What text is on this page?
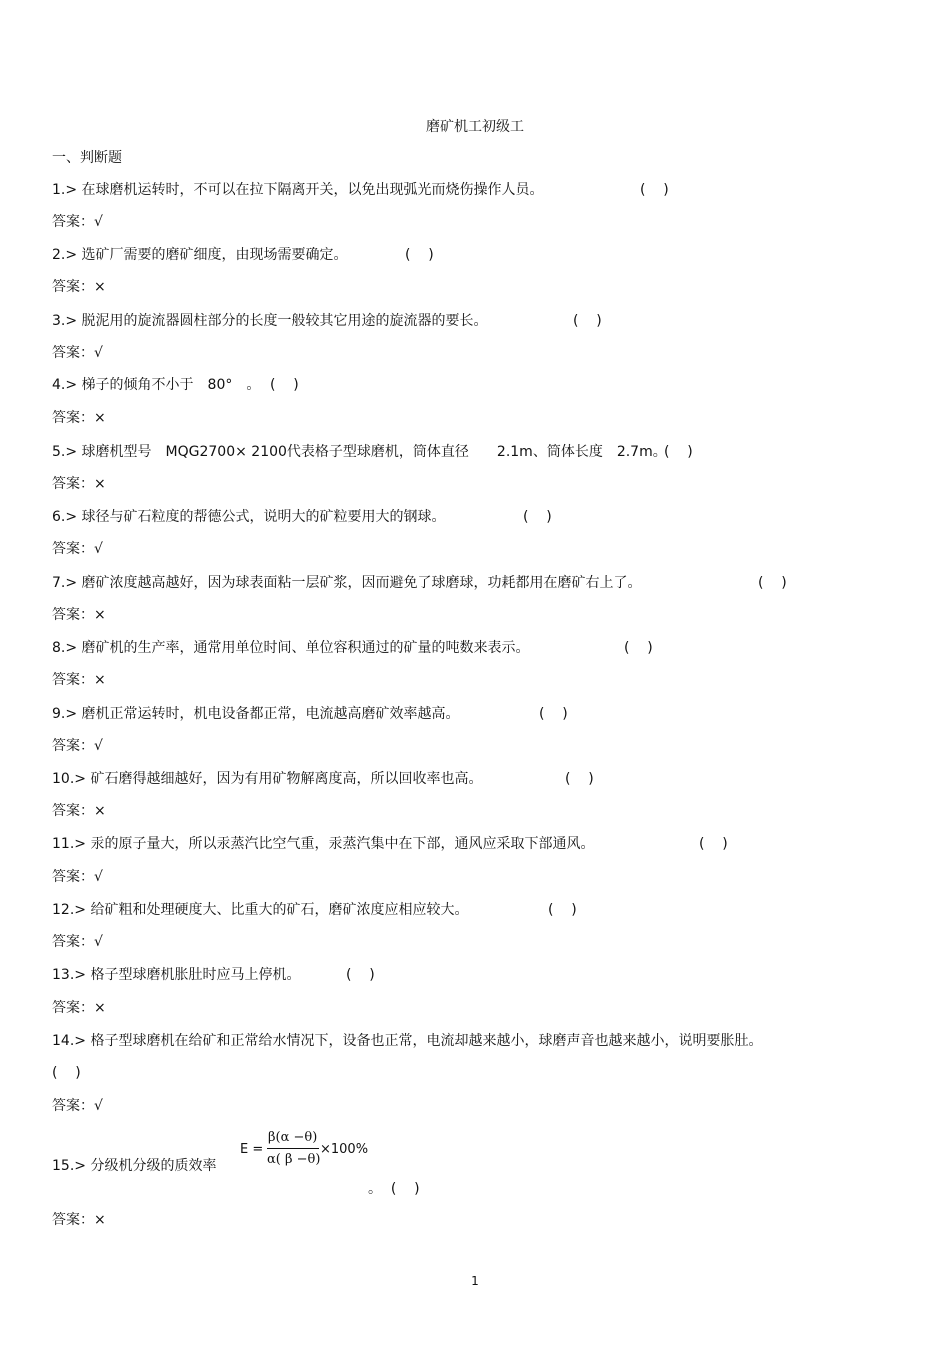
磨矿机工初级工
一、判断题
1.> 在球磨机运转时，不可以在拉下隔离开关，以免出现弧光而烧伤操作人员。	(    )
答案：√
2.> 选矿厂需要的磨矿细度，由现场需要确定。	(    )
答案：×
3.> 脱泥用的旋流器圆柱部分的长度一般较其它用途的旋流器的要长。	(    )
答案：√
4.> 梯子的倾角不小于　80°　。 (    )
答案：×
5.> 球磨机型号　MQG2700× 2100代表格子型球磨机，筒体直径　　2.1m、筒体长度　2.7m。
(    )
答案：×
6.> 球径与矿石粒度的帮德公式，说明大的矿粒要用大的钢球。	(    )
答案：√
7.> 磨矿浓度越高越好，因为球表面粘一层矿浆，因而避免了球磨球，功耗都用在磨矿右上了。	(    )
答案：×
8.> 磨矿机的生产率，通常用单位时间、单位容积通过的矿量的吨数来表示。	(    )
答案：×
9.> 磨机正常运转时，机电设备都正常，电流越高磨矿效率越高。	(    )
答案：√
10.> 矿石磨得越细越好，因为有用矿物解离度高，所以回收率也高。	(    )
答案：×
11.> 汞的原子量大，所以汞蒸汽比空气重，汞蒸汽集中在下部，通风应采取下部通风。	(    )
答案：√
12.> 给矿粗和处理硬度大、比重大的矿石，磨矿浓度应相应较大。	(    )
答案：√
13.> 格子型球磨机胀肚时应马上停机。	(    )
答案：×
14.> 格子型球磨机在给矿和正常给水情况下，设备也正常，电流却越来越小，球磨声音也越来越小，说明要胀肚。
(    )
答案：√
15.> 分级机分级的质效率
E =
β(α −θ)
α( β −θ)
×100%
。  (    )
答案：×
1
